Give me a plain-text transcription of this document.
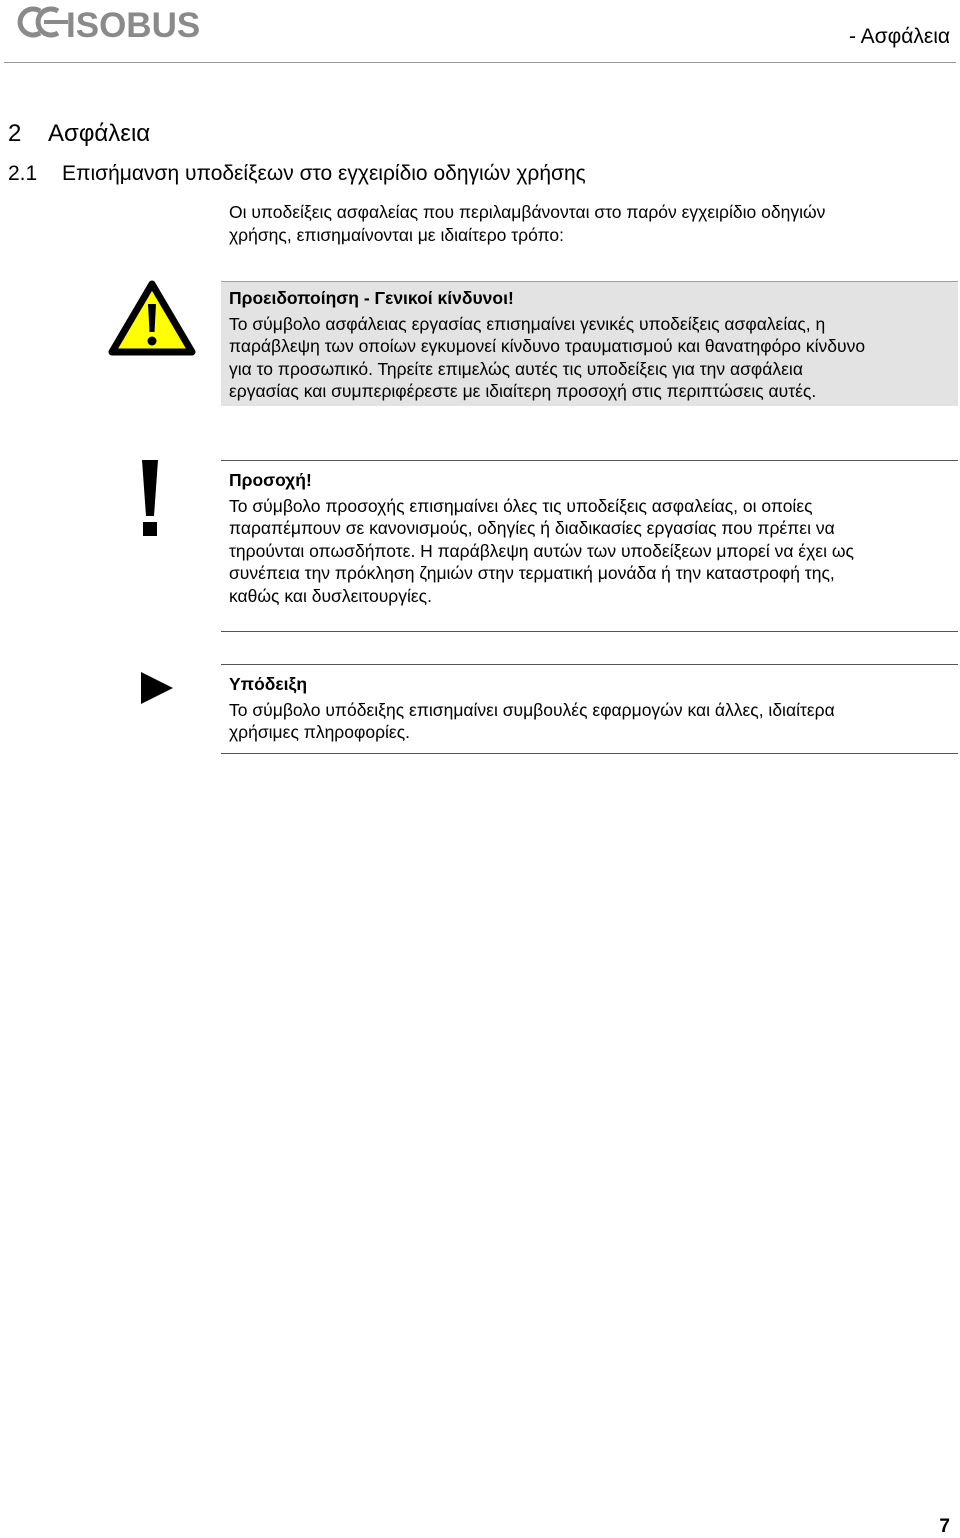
ISOBUS	- Ασφάλεια
2 Ασφάλεια
2.1 Επισήμανση υποδείξεων στο εγχειρίδιο οδηγιών χρήσης
Οι υποδείξεις ασφαλείας που περιλαμβάνονται στο παρόν εγχειρίδιο οδηγιών
χρήσης, επισημαίνονται με ιδιαίτερο τρόπο:
Προειδοποίηση - Γενικοί κίνδυνοι!
Το σύμβολο ασφάλειας εργασίας επισημαίνει γενικές υποδείξεις ασφαλείας, η
παράβλεψη των οποίων εγκυμονεί κίνδυνο τραυματισμού και θανατηφόρο κίνδυνο
για το προσωπικό. Τηρείτε επιμελώς αυτές τις υποδείξεις για την ασφάλεια
εργασίας και συμπεριφέρεστε με ιδιαίτερη προσοχή στις περιπτώσεις αυτές.
Προσοχή!
Το σύμβολο προσοχής επισημαίνει όλες τις υποδείξεις ασφαλείας, οι οποίες
παραπέμπουν σε κανονισμούς, οδηγίες ή διαδικασίες εργασίας που πρέπει να
τηρούνται οπωσδήποτε. Η παράβλεψη αυτών των υποδείξεων μπορεί να έχει ως
συνέπεια την πρόκληση ζημιών στην τερματική μονάδα ή την καταστροφή της,
καθώς και δυσλειτουργίες.
Υπόδειξη
Το σύμβολο υπόδειξης επισημαίνει συμβουλές εφαρμογών και άλλες, ιδιαίτερα
χρήσιμες πληροφορίες.
7
